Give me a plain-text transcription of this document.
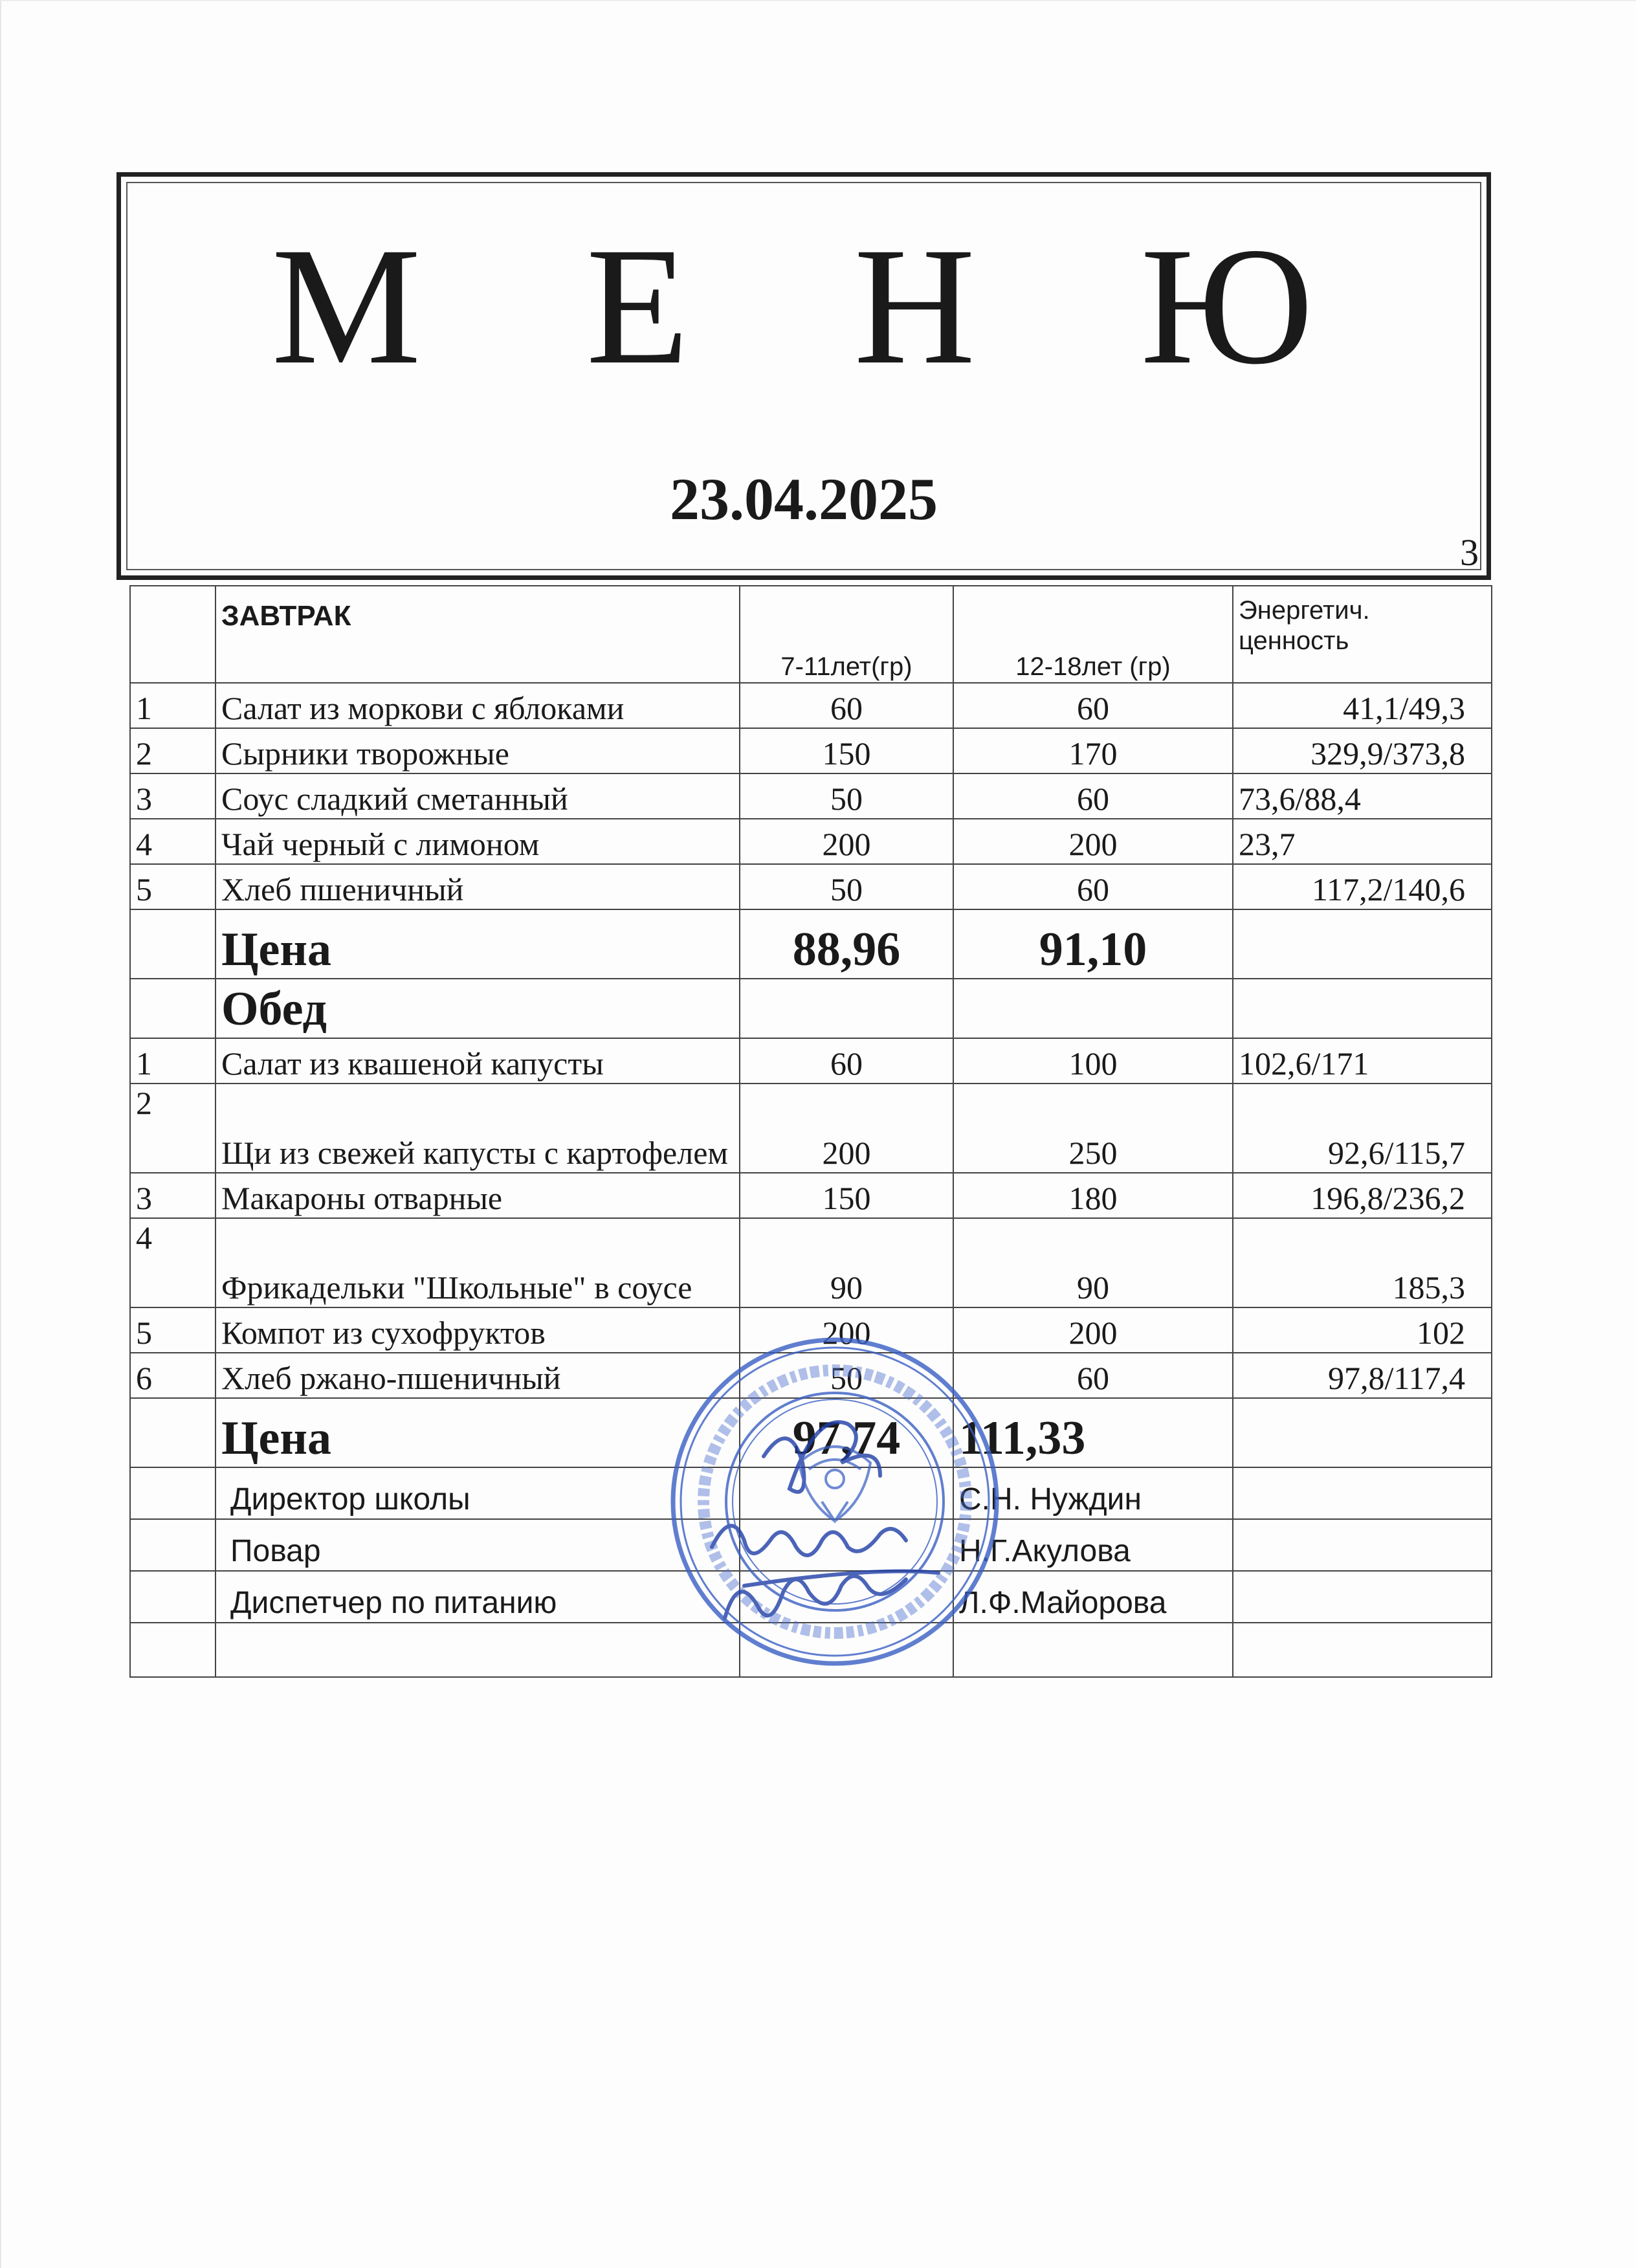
М Е Н Ю
23.04.2025
3
	ЗАВТРАК	7-11лет(гр)	12-18лет (гр)	Энергетич.
ценность
1	Салат из моркови с яблоками	60	60	41,1/49,3
2	Сырники творожные	150	170	329,9/373,8
3	Соус сладкий сметанный	50	60	73,6/88,4
4	Чай черный с лимоном	200	200	23,7
5	Хлеб пшеничный	50	60	117,2/140,6
	Цена	88,96	91,10	
	Обед			
1	Салат из квашеной капусты	60	100	102,6/171
2	Щи из свежей капусты с картофелем	200	250	92,6/115,7
3	Макароны отварные	150	180	196,8/236,2
4	Фрикадельки "Школьные" в соусе	90	90	185,3
5	Компот из сухофруктов	200	200	102
6	Хлеб ржано-пшеничный	50	60	97,8/117,4
	Цена	97,74	111,33	
	Директор школы		С.Н. Нуждин	
	Повар		Н.Г.Акулова	
	Диспетчер по питанию		Л.Ф.Майорова	
